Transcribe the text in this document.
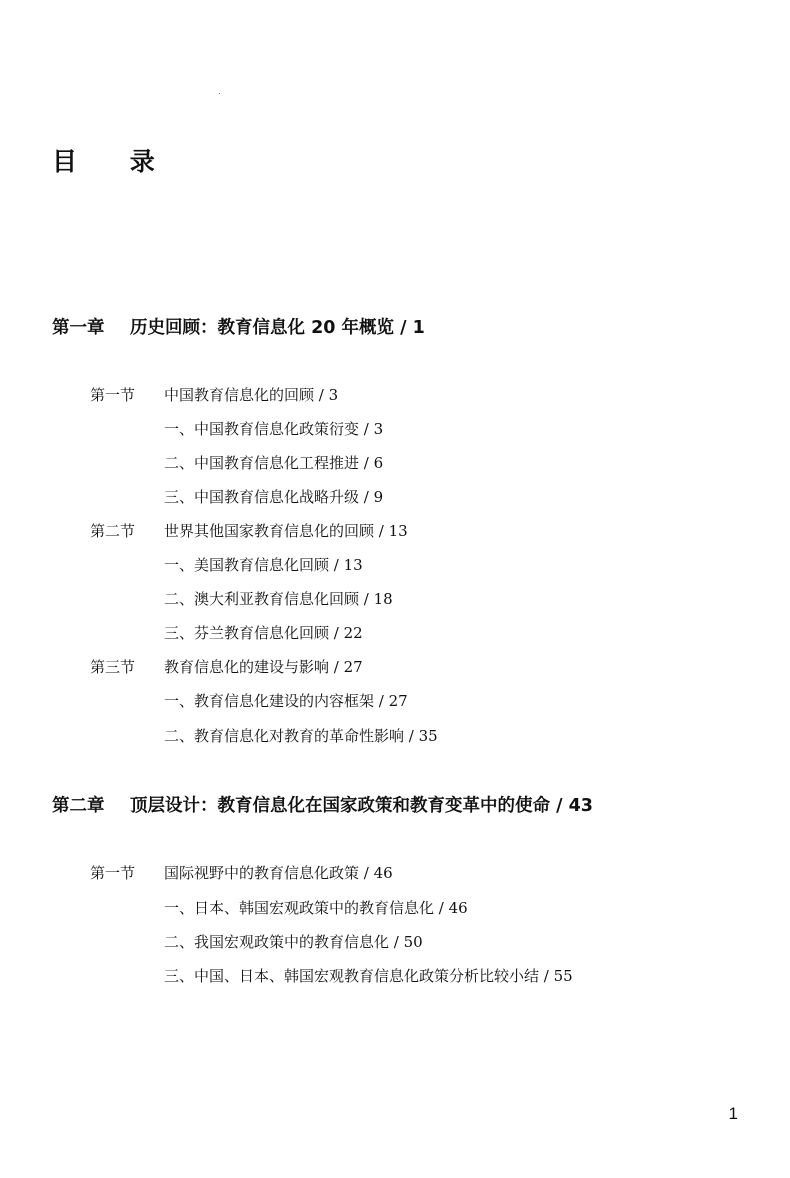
目 录
第一章 历史回顾：教育信息化 20 年概览 / 1
第一节 中国教育信息化的回顾 / 3
一、中国教育信息化政策衍变 / 3
二、中国教育信息化工程推进 / 6
三、中国教育信息化战略升级 / 9
第二节 世界其他国家教育信息化的回顾 / 13
一、美国教育信息化回顾 / 13
二、澳大利亚教育信息化回顾 / 18
三、芬兰教育信息化回顾 / 22
第三节 教育信息化的建设与影响 / 27
一、教育信息化建设的内容框架 / 27
二、教育信息化对教育的革命性影响 / 35
第二章 顶层设计：教育信息化在国家政策和教育变革中的使命 / 43
第一节 国际视野中的教育信息化政策 / 46
一、日本、韩国宏观政策中的教育信息化 / 46
二、我国宏观政策中的教育信息化 / 50
三、中国、日本、韩国宏观教育信息化政策分析比较小结 / 55
1
